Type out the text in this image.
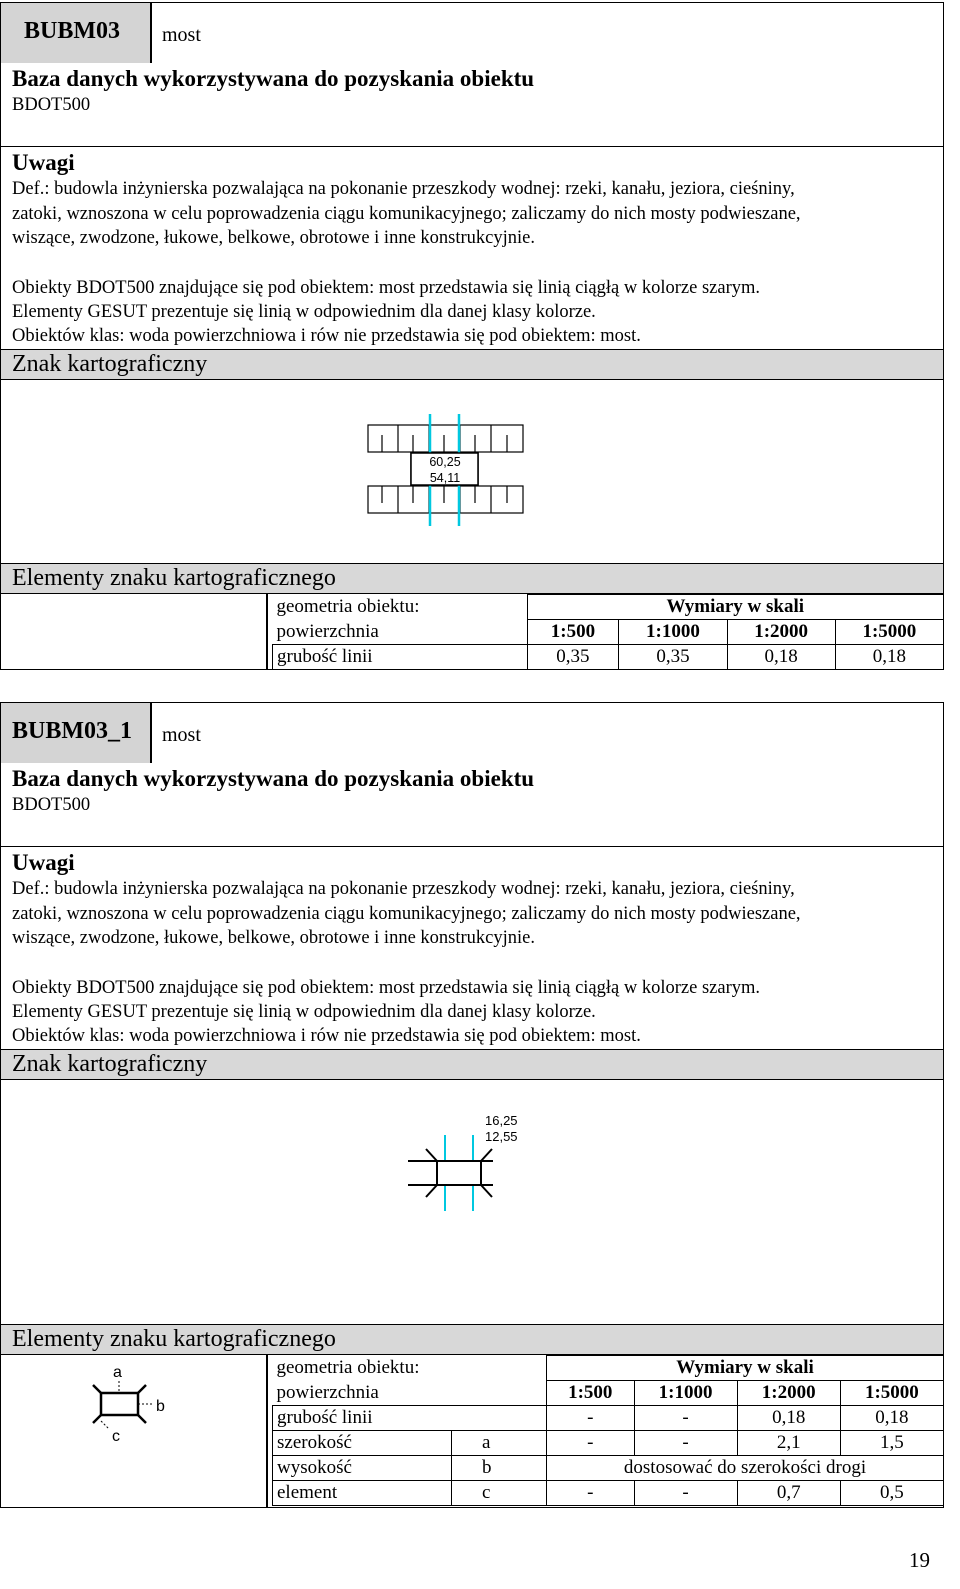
BUBM03 most
Baza danych wykorzystywana do pozyskania obiektu
BDOT500
Uwagi
Def.: budowla inżynierska pozwalająca na pokonanie przeszkody wodnej: rzeki, kanału, jeziora, cieśniny,
zatoki, wznoszona w celu poprowadzenia ciągu komunikacyjnego; zaliczamy do nich mosty podwieszane,
wiszące, zwodzone, łukowe, belkowe, obrotowe i inne konstrukcyjnie.
Obiekty BDOT500 znajdujące się pod obiektem: most przedstawia się linią ciągłą w kolorze szarym.
Elementy GESUT prezentuje się linią w odpowiednim dla danej klasy kolorze.
Obiektów klas: woda powierzchniowa i rów nie przedstawia się pod obiektem: most.
Znak kartograficzny
60,25
54,11
Elementy znaku kartograficznego
geometria obiektu:	Wymiary w skali			
powierzchnia	1:500	1:1000	1:2000	1:5000
grubość linii	0,35	0,35	0,18	0,18
BUBM03_1 most
Baza danych wykorzystywana do pozyskania obiektu
BDOT500
Uwagi
Def.: budowla inżynierska pozwalająca na pokonanie przeszkody wodnej: rzeki, kanału, jeziora, cieśniny,
zatoki, wznoszona w celu poprowadzenia ciągu komunikacyjnego; zaliczamy do nich mosty podwieszane,
wiszące, zwodzone, łukowe, belkowe, obrotowe i inne konstrukcyjnie.
Obiekty BDOT500 znajdujące się pod obiektem: most przedstawia się linią ciągłą w kolorze szarym.
Elementy GESUT prezentuje się linią w odpowiednim dla danej klasy kolorze.
Obiektów klas: woda powierzchniowa i rów nie przedstawia się pod obiektem: most.
Znak kartograficzny
16,25
12,55
Elementy znaku kartograficznego
a
b
c
geometria obiektu:		Wymiary w skali			
powierzchnia		1:500	1:1000	1:2000	1:5000
grubość linii		-	-	0,18	0,18
szerokość	a	-	-	2,1	1,5
wysokość	b	dostosować do szerokości drogi			
element	c	-	-	0,7	0,5
19
